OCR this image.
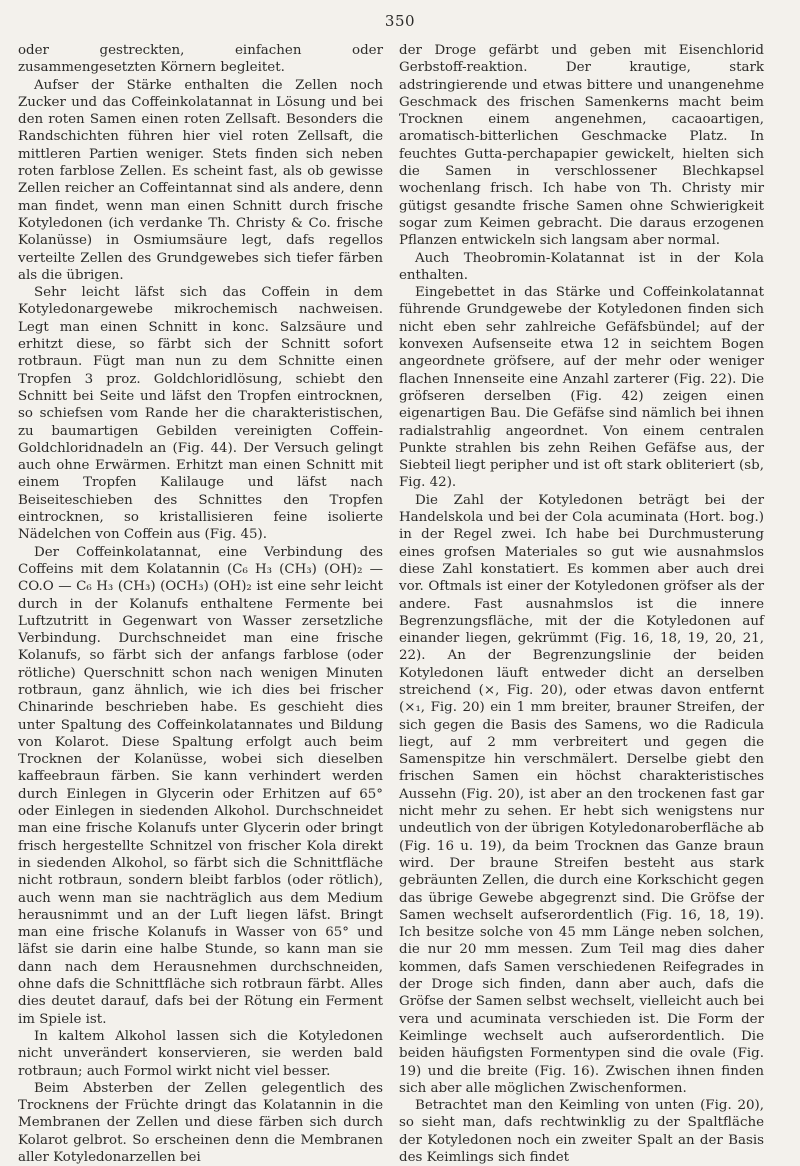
350

oder gestreckten, einfachen oder zusammengesetzten Körnern begleitet.

Aufser der Stärke enthalten die Zellen noch Zucker und das Coffeinkolatannat in Lösung und bei den roten Samen einen roten Zellsaft. Besonders die Randschichten führen hier viel roten Zellsaft, die mittleren Partien weniger. Stets finden sich neben roten farblose Zellen. Es scheint fast, als ob gewisse Zellen reicher an Coffeintannat sind als andere, denn man findet, wenn man einen Schnitt durch frische Kotyledonen (ich verdanke Th. Christy & Co. frische Kolanüsse) in Osmiumsäure legt, dafs regellos verteilte Zellen des Grundgewebes sich tiefer färben als die übrigen.

Sehr leicht läfst sich das Coffein in dem Kotyledonargewebe mikrochemisch nachweisen. Legt man einen Schnitt in konc. Salzsäure und erhitzt diese, so färbt sich der Schnitt sofort rotbraun. Fügt man nun zu dem Schnitte einen Tropfen 3 proz. Goldchloridlösung, schiebt den Schnitt bei Seite und läfst den Tropfen eintrocknen, so schiefsen vom Rande her die charakteristischen, zu baumartigen Gebilden vereinigten Coffein-Goldchloridnadeln an (Fig. 44). Der Versuch gelingt auch ohne Erwärmen. Erhitzt man einen Schnitt mit einem Tropfen Kalilauge und läfst nach Beiseiteschieben des Schnittes den Tropfen eintrocknen, so kristallisieren feine isolierte Nädelchen von Coffein aus (Fig. 45).

Der Coffeinkolatannat, eine Verbindung des Coffeins mit dem Kolatannin (C₆ H₃ (CH₃) (OH)₂ — CO.O — C₆ H₃ (CH₃) (OCH₃) (OH)₂ ist eine sehr leicht durch in der Kolanufs enthaltene Fermente bei Luftzutritt in Gegenwart von Wasser zersetzliche Verbindung. Durchschneidet man eine frische Kolanufs, so färbt sich der anfangs farblose (oder rötliche) Querschnitt schon nach wenigen Minuten rotbraun, ganz ähnlich, wie ich dies bei frischer Chinarinde beschrieben habe. Es geschieht dies unter Spaltung des Coffeinkolatannates und Bildung von Kolarot. Diese Spaltung erfolgt auch beim Trocknen der Kolanüsse, wobei sich dieselben kaffeebraun färben. Sie kann verhindert werden durch Einlegen in Glycerin oder Erhitzen auf 65° oder Einlegen in siedenden Alkohol. Durchschneidet man eine frische Kolanufs unter Glycerin oder bringt frisch hergestellte Schnitzel von frischer Kola direkt in siedenden Alkohol, so färbt sich die Schnittfläche nicht rotbraun, sondern bleibt farblos (oder rötlich), auch wenn man sie nachträglich aus dem Medium herausnimmt und an der Luft liegen läfst. Bringt man eine frische Kolanufs in Wasser von 65° und läfst sie darin eine halbe Stunde, so kann man sie dann nach dem Herausnehmen durchschneiden, ohne dafs die Schnittfläche sich rotbraun färbt. Alles dies deutet darauf, dafs bei der Rötung ein Ferment im Spiele ist.

In kaltem Alkohol lassen sich die Kotyledonen nicht unverändert konservieren, sie werden bald rotbraun; auch Formol wirkt nicht viel besser.

Beim Absterben der Zellen gelegentlich des Trocknens der Früchte dringt das Kolatannin in die Membranen der Zellen und diese färben sich durch Kolarot gelbrot. So erscheinen denn die Membranen aller Kotyledonarzellen bei

der Droge gefärbt und geben mit Eisenchlorid Gerbstoff-reaktion. Der krautige, stark adstringierende und etwas bittere und unangenehme Geschmack des frischen Samenkerns macht beim Trocknen einem angenehmen, cacaoartigen, aromatisch-bitterlichen Geschmacke Platz. In feuchtes Gutta-perchapapier gewickelt, hielten sich die Samen in verschlossener Blechkapsel wochenlang frisch. Ich habe von Th. Christy mir gütigst gesandte frische Samen ohne Schwierigkeit sogar zum Keimen gebracht. Die daraus erzogenen Pflanzen entwickeln sich langsam aber normal.

Auch Theobromin-Kolatannat ist in der Kola enthalten.

Eingebettet in das Stärke und Coffeinkolatannat führende Grundgewebe der Kotyledonen finden sich nicht eben sehr zahlreiche Gefäfsbündel; auf der konvexen Aufsenseite etwa 12 in seichtem Bogen angeordnete gröfsere, auf der mehr oder weniger flachen Innenseite eine Anzahl zarterer (Fig. 22). Die gröfseren derselben (Fig. 42) zeigen einen eigenartigen Bau. Die Gefäfse sind nämlich bei ihnen radialstrahlig angeordnet. Von einem centralen Punkte strahlen bis zehn Reihen Gefäfse aus, der Siebteil liegt peripher und ist oft stark obliteriert (sb, Fig. 42).

Die Zahl der Kotyledonen beträgt bei der Handelskola und bei der Cola acuminata (Hort. bog.) in der Regel zwei. Ich habe bei Durchmusterung eines grofsen Materiales so gut wie ausnahmslos diese Zahl konstatiert. Es kommen aber auch drei vor. Oftmals ist einer der Kotyledonen gröfser als der andere. Fast ausnahmslos ist die innere Begrenzungsfläche, mit der die Kotyledonen auf einander liegen, gekrümmt (Fig. 16, 18, 19, 20, 21, 22). An der Begrenzungslinie der beiden Kotyledonen läuft entweder dicht an derselben streichend (×, Fig. 20), oder etwas davon entfernt (×₁, Fig. 20) ein 1 mm breiter, brauner Streifen, der sich gegen die Basis des Samens, wo die Radicula liegt, auf 2 mm verbreitert und gegen die Samenspitze hin verschmälert. Derselbe giebt den frischen Samen ein höchst charakteristisches Aussehn (Fig. 20), ist aber an den trockenen fast gar nicht mehr zu sehen. Er hebt sich wenigstens nur undeutlich von der übrigen Kotyledonaroberfläche ab (Fig. 16 u. 19), da beim Trocknen das Ganze braun wird. Der braune Streifen besteht aus stark gebräunten Zellen, die durch eine Korkschicht gegen das übrige Gewebe abgegrenzt sind. Die Gröfse der Samen wechselt aufserordentlich (Fig. 16, 18, 19). Ich besitze solche von 45 mm Länge neben solchen, die nur 20 mm messen. Zum Teil mag dies daher kommen, dafs Samen verschiedenen Reifegrades in der Droge sich finden, dann aber auch, dafs die Gröfse der Samen selbst wechselt, vielleicht auch bei vera und acuminata verschieden ist. Die Form der Keimlinge wechselt auch aufserordentlich. Die beiden häufigsten Formentypen sind die ovale (Fig. 19) und die breite (Fig. 16). Zwischen ihnen finden sich aber alle möglichen Zwischenformen.

Betrachtet man den Keimling von unten (Fig. 20), so sieht man, dafs rechtwinklig zu der Spaltfläche der Kotyledonen noch ein zweiter Spalt an der Basis des Keimlings sich findet
